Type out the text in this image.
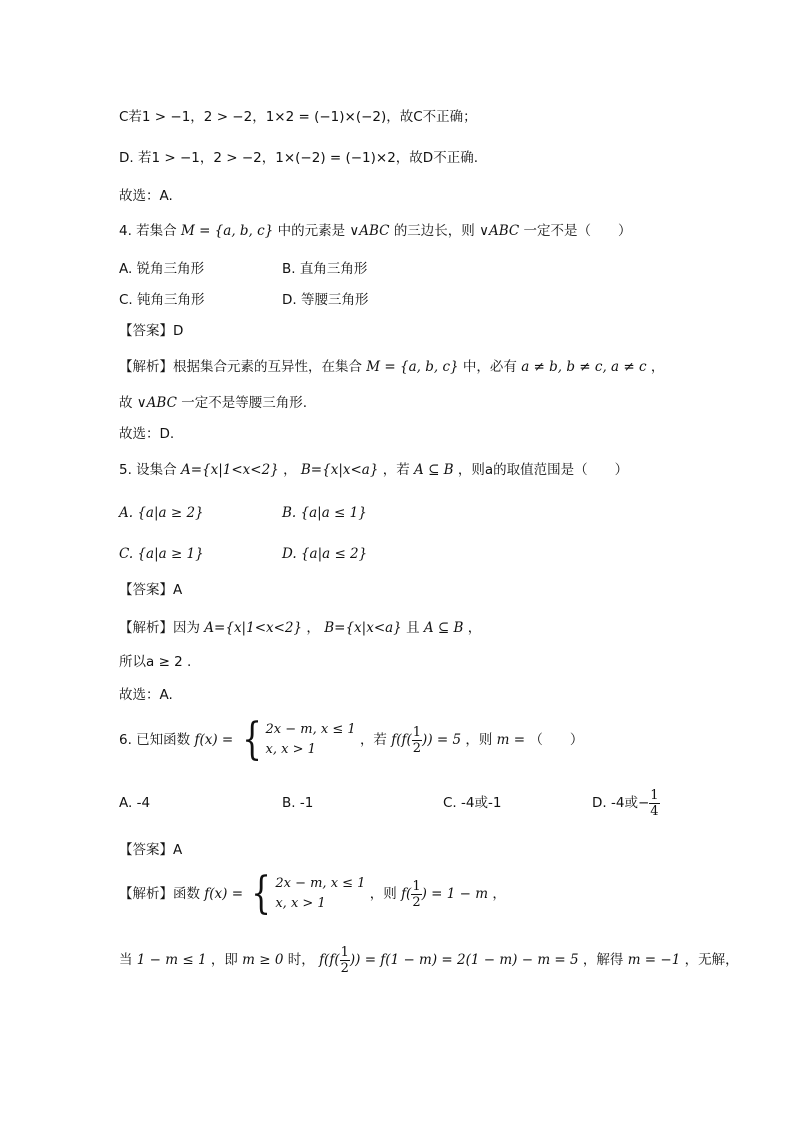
C若1 > −1，2 > −2，1×2 = (−1)×(−2)，故C不正确；
D. 若1 > −1，2 > −2，1×(−2) = (−1)×2，故D不正确.
故选：A.
4. 若集合 M = {a, b, c} 中的元素是 ∨ABC 的三边长，则 ∨ABC 一定不是（　　）
A. 锐角三角形	B. 直角三角形
C. 钝角三角形	D. 等腰三角形
【答案】D
【解析】根据集合元素的互异性，在集合 M = {a, b, c} 中，必有 a ≠ b, b ≠ c, a ≠ c ，
故 ∨ABC 一定不是等腰三角形.
故选：D.
5. 设集合 A={x|1<x<2} ， B={x|x<a} ，若 A ⊆ B ，则a的取值范围是（　　）
A. {a|a ≥ 2}	B. {a|a ≤ 1}
C. {a|a ≥ 1}	D. {a|a ≤ 2}
【答案】A
【解析】因为 A={x|1<x<2} ， B={x|x<a} 且 A ⊆ B ，
所以a ≥ 2 .
故选：A.
6. 已知函数 f(x) = { 2x − m, x ≤ 1
x, x > 1
，若 $f(f( \frac{1}{2}$ )) = 5 ，则 m = （　　）
A. -4	B. -1	C. -4或-1	D. -4或− $\frac{1}{4}$
【答案】A
【解析】函数 f(x) = { 2x − m, x ≤ 1
x, x > 1
，则 $f( \frac{1}{2}$ ) = 1 − m ，
当 1 − m ≤ 1 ，即 m ≥ 0 时， $f(f( \frac{1}{2}$ )) = f(1 − m) = 2(1 − m) − m = 5 ，解得 m = −1 ，无解，
